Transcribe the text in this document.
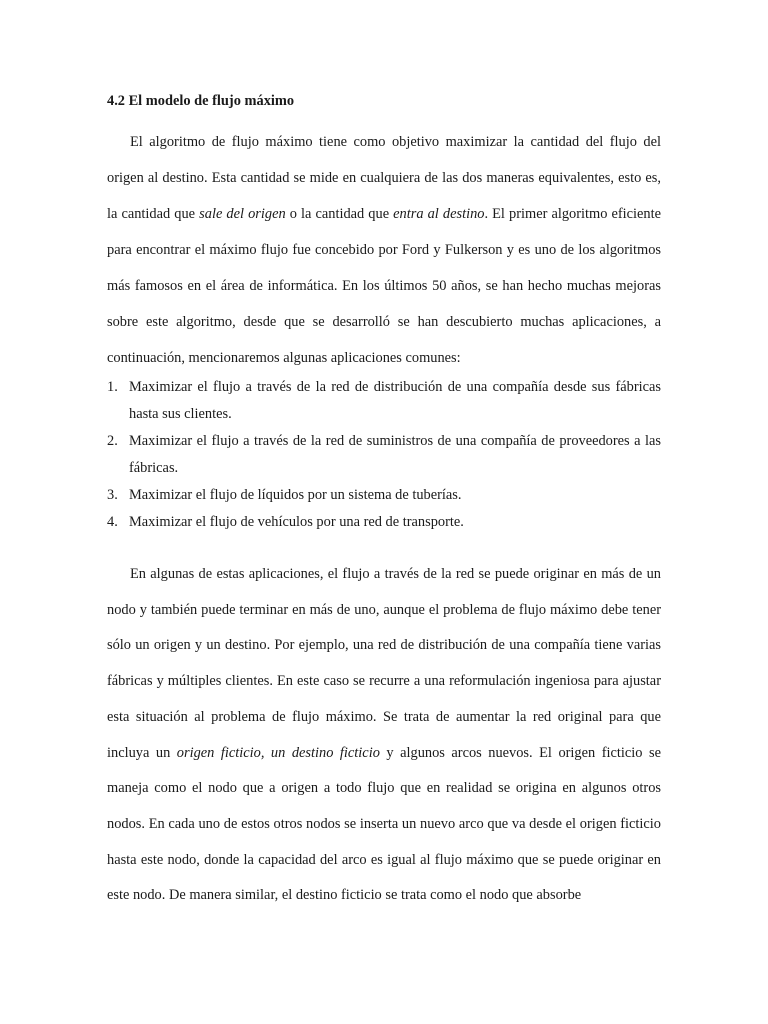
4.2 El modelo de flujo máximo
El algoritmo de flujo máximo tiene como objetivo maximizar la cantidad del flujo del origen al destino. Esta cantidad se mide en cualquiera de las dos maneras equivalentes, esto es, la cantidad que sale del origen o la cantidad que entra al destino. El primer algoritmo eficiente para encontrar el máximo flujo fue concebido por Ford y Fulkerson y es uno de los algoritmos más famosos en el área de informática. En los últimos 50 años, se han hecho muchas mejoras sobre este algoritmo, desde que se desarrolló se han descubierto muchas aplicaciones, a continuación, mencionaremos algunas aplicaciones comunes:
1. Maximizar el flujo a través de la red de distribución de una compañía desde sus fábricas hasta sus clientes.
2. Maximizar el flujo a través de la red de suministros de una compañía de proveedores a las fábricas.
3. Maximizar el flujo de líquidos por un sistema de tuberías.
4. Maximizar el flujo de vehículos por una red de transporte.
En algunas de estas aplicaciones, el flujo a través de la red se puede originar en más de un nodo y también puede terminar en más de uno, aunque el problema de flujo máximo debe tener sólo un origen y un destino. Por ejemplo, una red de distribución de una compañía tiene varias fábricas y múltiples clientes. En este caso se recurre a una reformulación ingeniosa para ajustar esta situación al problema de flujo máximo. Se trata de aumentar la red original para que incluya un origen ficticio, un destino ficticio y algunos arcos nuevos. El origen ficticio se maneja como el nodo que a origen a todo flujo que en realidad se origina en algunos otros nodos. En cada uno de estos otros nodos se inserta un nuevo arco que va desde el origen ficticio hasta este nodo, donde la capacidad del arco es igual al flujo máximo que se puede originar en este nodo. De manera similar, el destino ficticio se trata como el nodo que absorbe
